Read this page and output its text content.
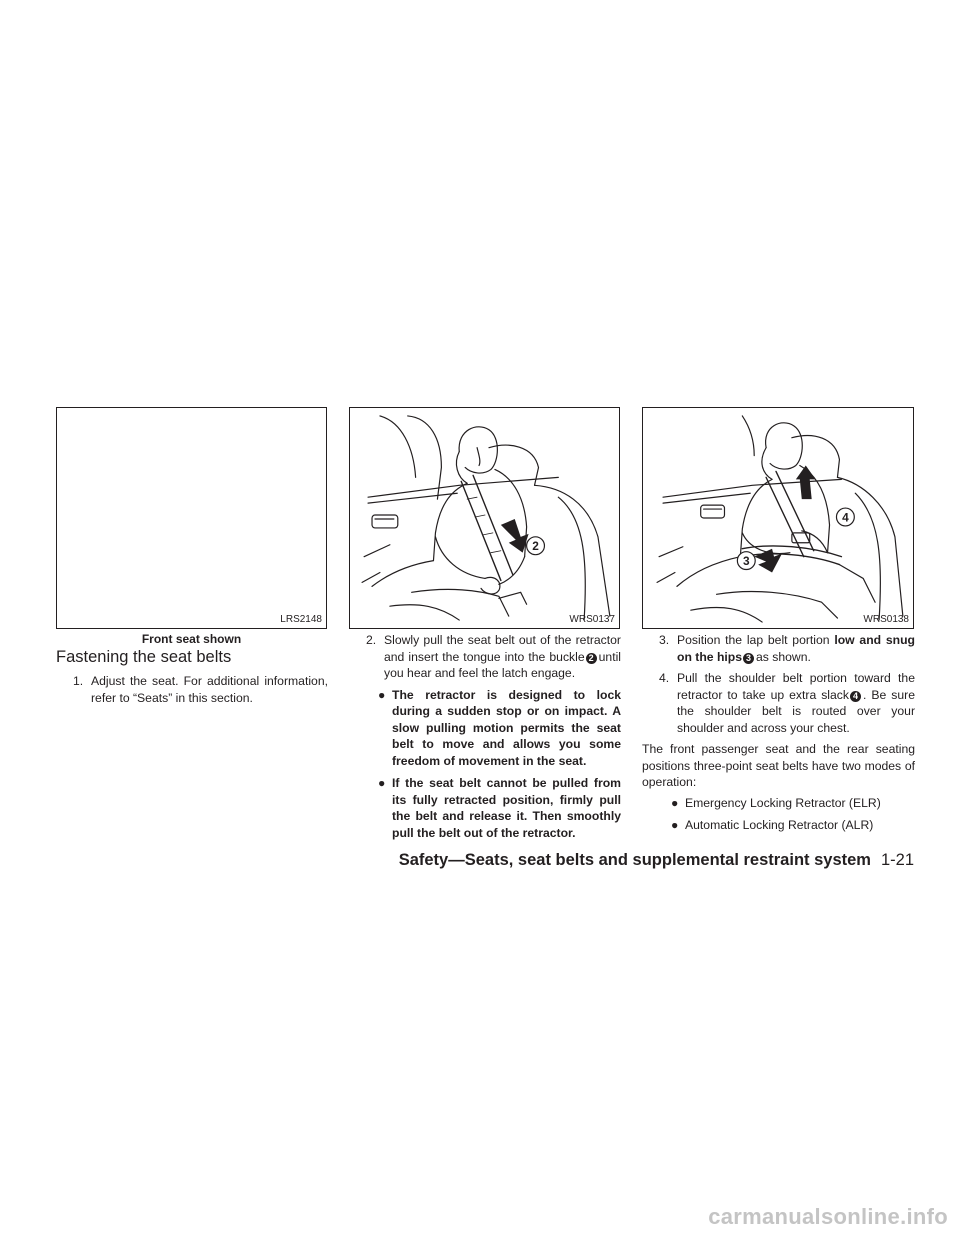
LRS2148
Front seat shown
2
WRS0137
4
3
WRS0138
Fastening the seat belts
1. Adjust the seat. For additional information, refer to “Seats” in this section.
2. Slowly pull the seat belt out of the retractor and insert the tongue into the buckle 2 until you hear and feel the latch engage.
● The retractor is designed to lock during a sudden stop or on impact. A slow pulling motion permits the seat belt to move and allows you some freedom of movement in the seat.
● If the seat belt cannot be pulled from its fully retracted position, firmly pull the belt and release it. Then smoothly pull the belt out of the retractor.
3. Position the lap belt portion low and snug on the hips 3 as shown.
4. Pull the shoulder belt portion toward the retractor to take up extra slack 4 . Be sure the shoulder belt is routed over your shoulder and across your chest.

The front passenger seat and the rear seating positions three-point seat belts have two modes of operation:

● Emergency Locking Retractor (ELR)
● Automatic Locking Retractor (ALR)
Safety—Seats, seat belts and supplemental restraint system 1-21
carmanualsonline.info
